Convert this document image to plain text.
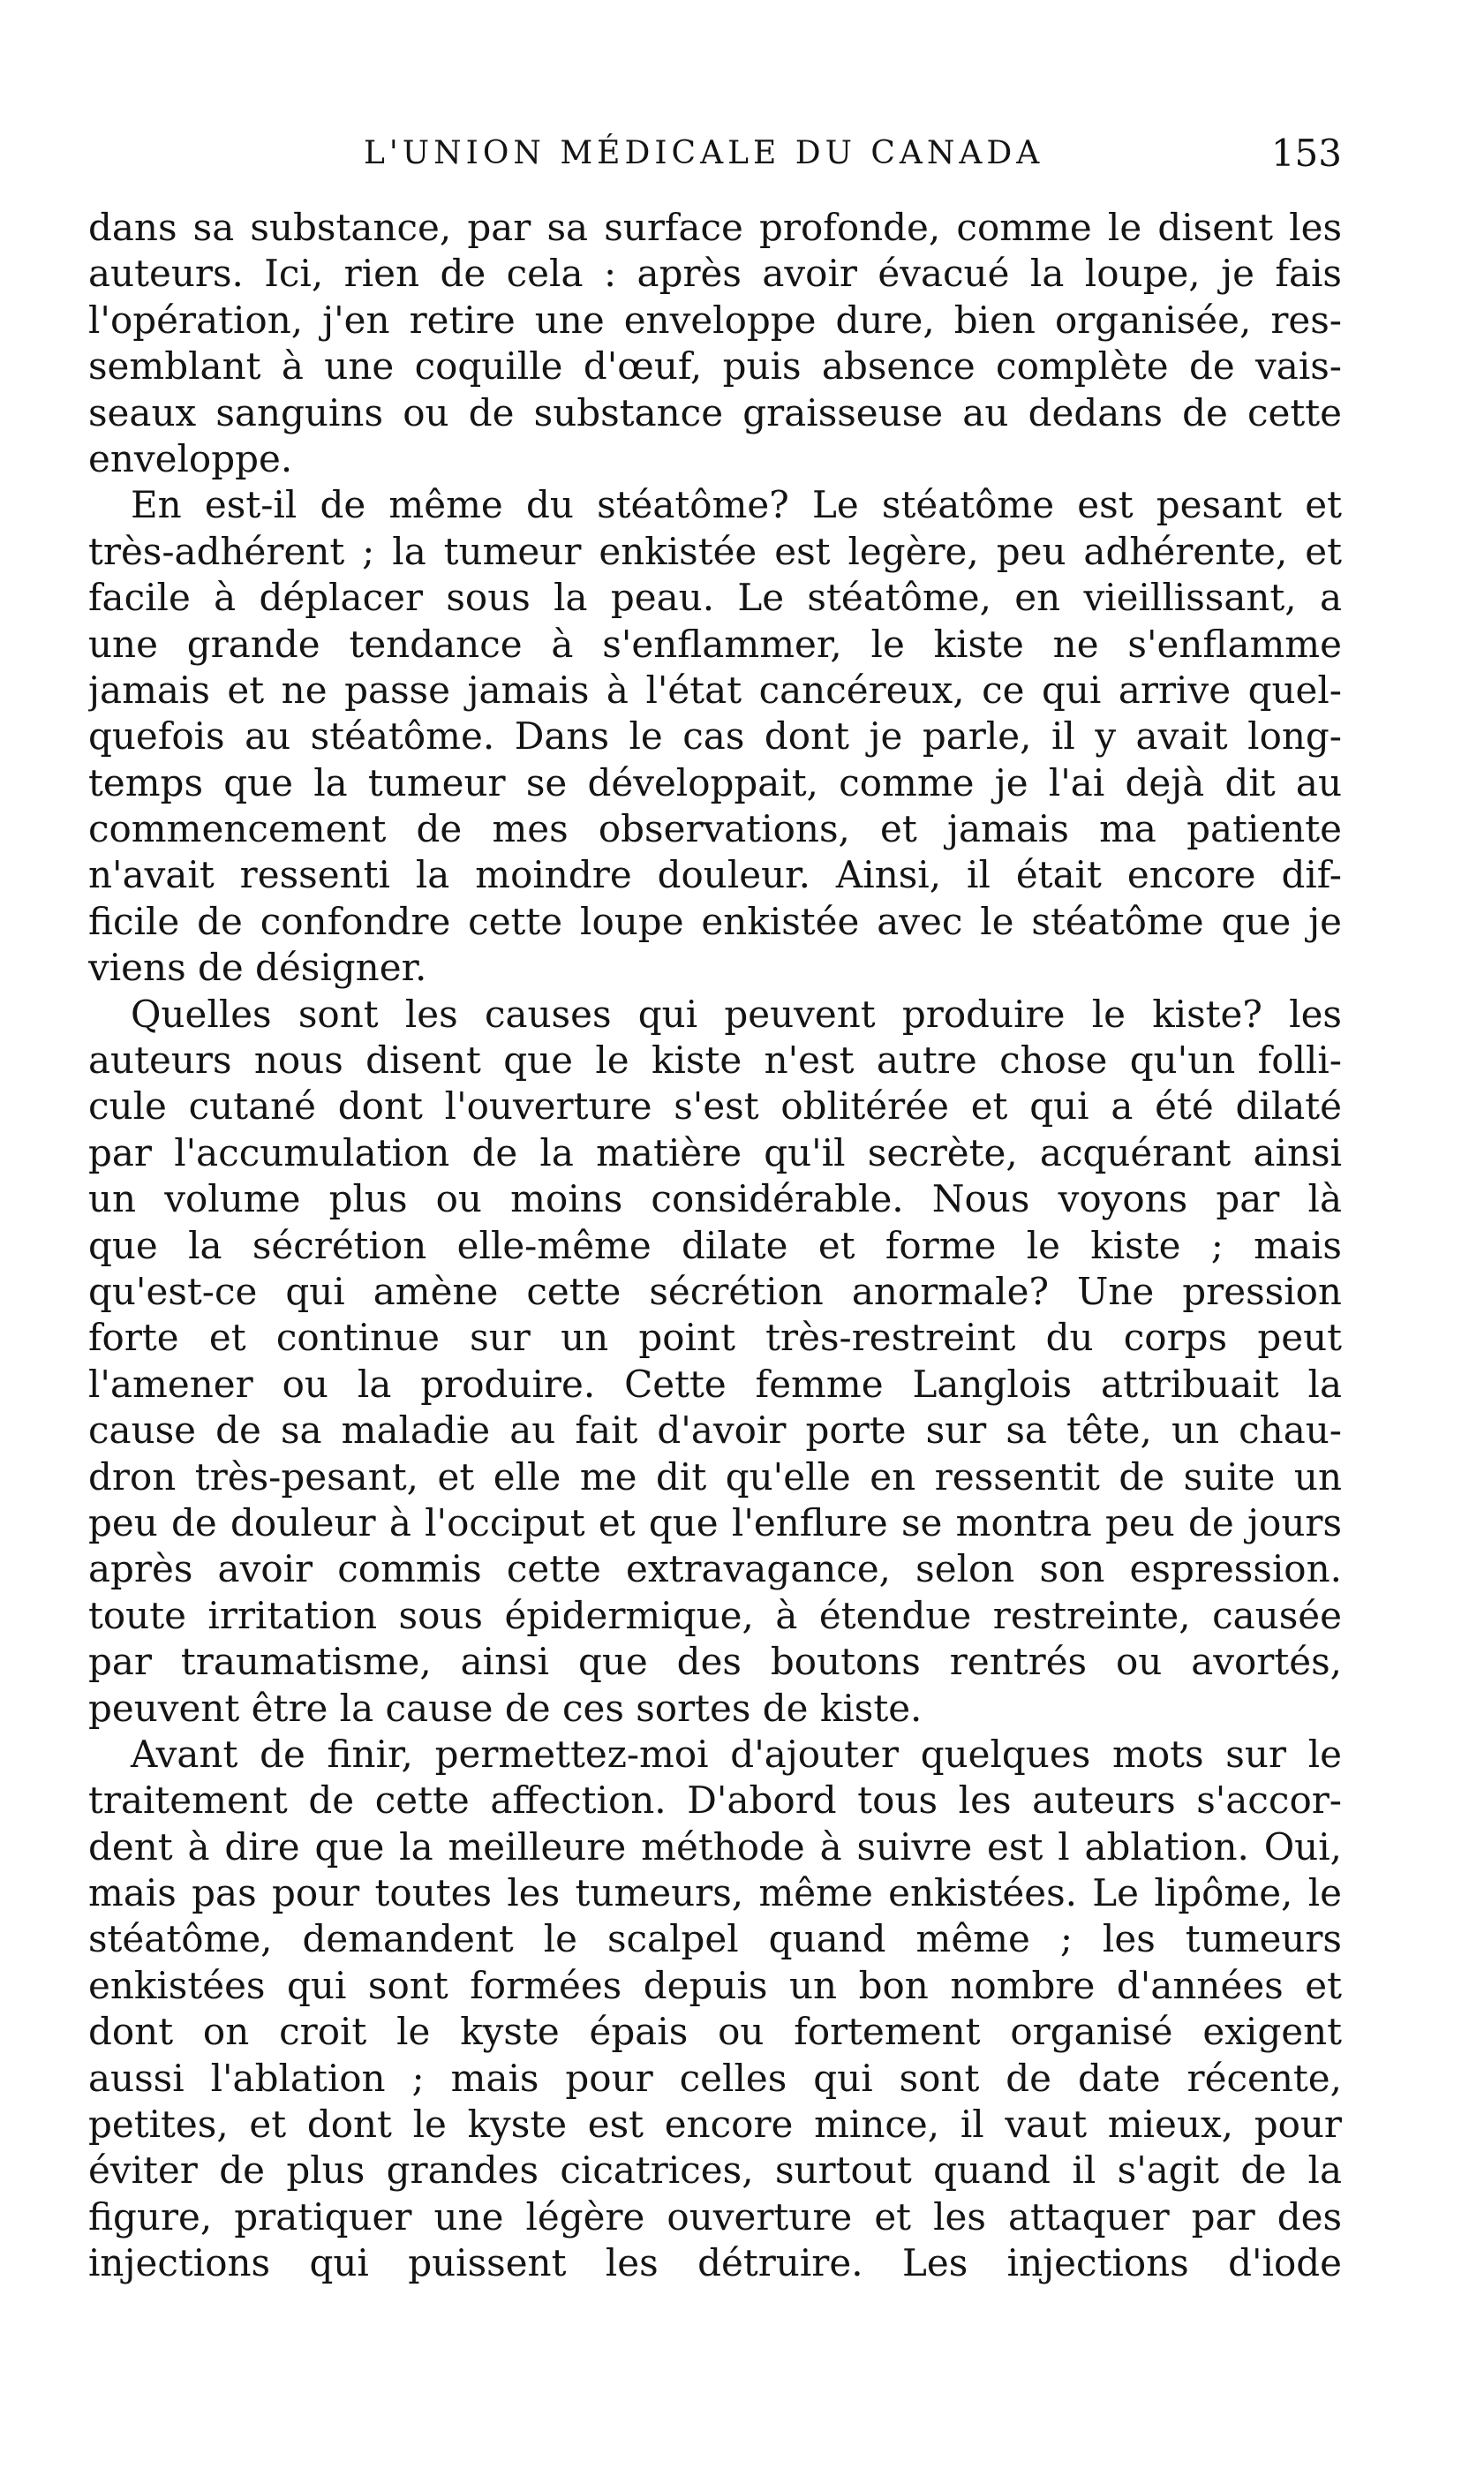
L'UNION MÉDICALE DU CANADA	153
dans sa substance, par sa surface profonde, comme le disent les
auteurs. Ici, rien de cela : après avoir évacué la loupe, je fais
l'opération, j'en retire une enveloppe dure, bien organisée, res-
semblant à une coquille d'œuf, puis absence complète de vais-
seaux sanguins ou de substance graisseuse au dedans de cette
enveloppe.
En est-il de même du stéatôme? Le stéatôme est pesant et
très-adhérent ; la tumeur enkistée est legère, peu adhérente, et
facile à déplacer sous la peau. Le stéatôme, en vieillissant, a
une grande tendance à s'enflammer, le kiste ne s'enflamme
jamais et ne passe jamais à l'état cancéreux, ce qui arrive quel-
quefois au stéatôme. Dans le cas dont je parle, il y avait long-
temps que la tumeur se développait, comme je l'ai dejà dit au
commencement de mes observations, et jamais ma patiente
n'avait ressenti la moindre douleur. Ainsi, il était encore dif-
ficile de confondre cette loupe enkistée avec le stéatôme que je
viens de désigner.
Quelles sont les causes qui peuvent produire le kiste? les
auteurs nous disent que le kiste n'est autre chose qu'un folli-
cule cutané dont l'ouverture s'est oblitérée et qui a été dilaté
par l'accumulation de la matière qu'il secrète, acquérant ainsi
un volume plus ou moins considérable. Nous voyons par là
que la sécrétion elle-même dilate et forme le kiste ; mais
qu'est-ce qui amène cette sécrétion anormale? Une pression
forte et continue sur un point très-restreint du corps peut
l'amener ou la produire. Cette femme Langlois attribuait la
cause de sa maladie au fait d'avoir porte sur sa tête, un chau-
dron très-pesant, et elle me dit qu'elle en ressentit de suite un
peu de douleur à l'occiput et que l'enflure se montra peu de jours
après avoir commis cette extravagance, selon son espression.
toute irritation sous épidermique, à étendue restreinte, causée
par traumatisme, ainsi que des boutons rentrés ou avortés,
peuvent être la cause de ces sortes de kiste.
Avant de finir, permettez-moi d'ajouter quelques mots sur le
traitement de cette affection. D'abord tous les auteurs s'accor-
dent à dire que la meilleure méthode à suivre est l ablation. Oui,
mais pas pour toutes les tumeurs, même enkistées. Le lipôme, le
stéatôme, demandent le scalpel quand même ; les tumeurs
enkistées qui sont formées depuis un bon nombre d'années et
dont on croit le kyste épais ou fortement organisé exigent
aussi l'ablation ; mais pour celles qui sont de date récente,
petites, et dont le kyste est encore mince, il vaut mieux, pour
éviter de plus grandes cicatrices, surtout quand il s'agit de la
figure, pratiquer une légère ouverture et les attaquer par des
injections qui puissent les détruire. Les injections d'iode
